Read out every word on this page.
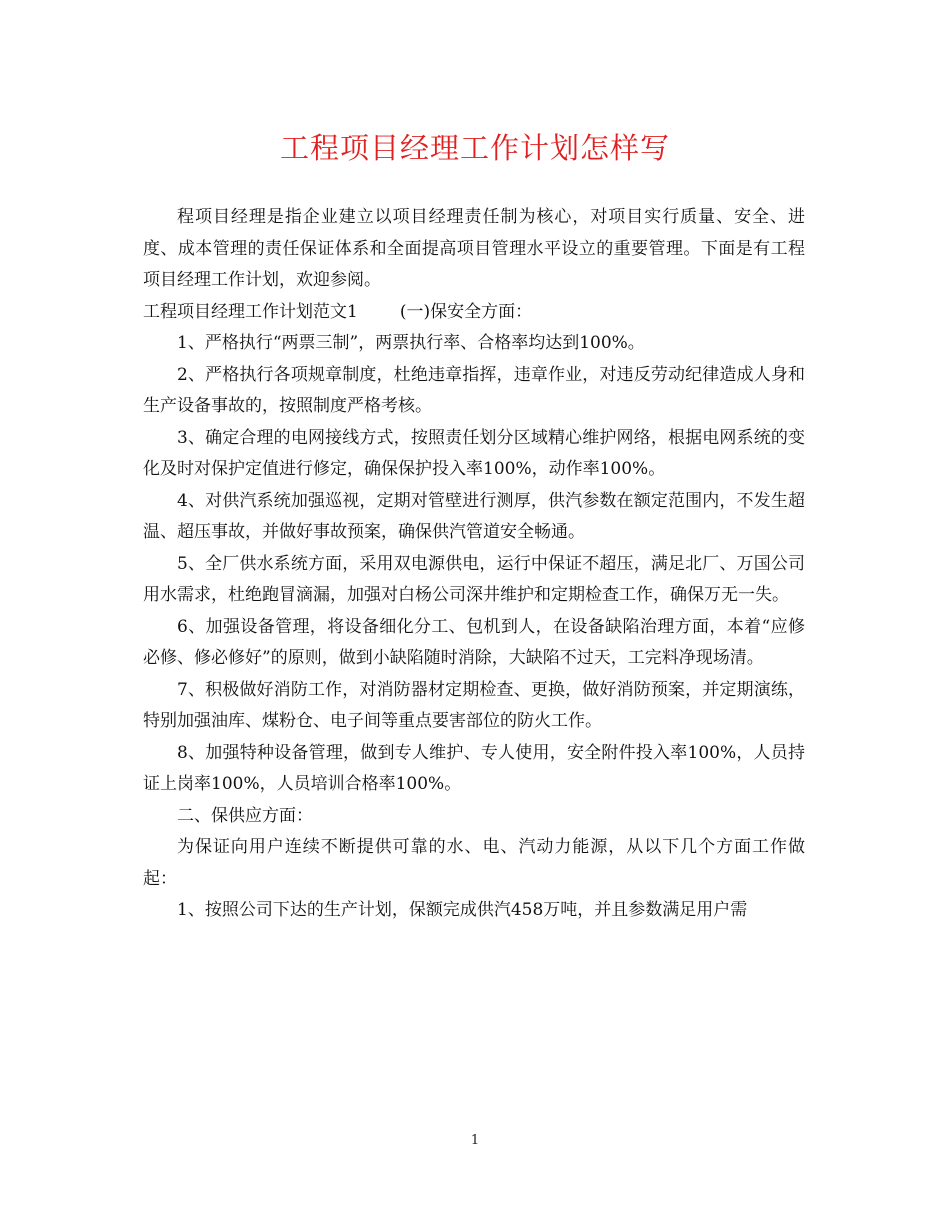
工程项目经理工作计划怎样写

程项目经理是指企业建立以项目经理责任制为核心，对项目实行质量、安全、进度、成本管理的责任保证体系和全面提高项目管理水平设立的重要管理。下面是有工程项目经理工作计划，欢迎参阅。

工程项目经理工作计划范文1 (一)保安全方面：

1、严格执行“两票三制”，两票执行率、合格率均达到100%。

2、严格执行各项规章制度，杜绝违章指挥，违章作业，对违反劳动纪律造成人身和生产设备事故的，按照制度严格考核。

3、确定合理的电网接线方式，按照责任划分区域精心维护网络，根据电网系统的变化及时对保护定值进行修定，确保保护投入率100%，动作率100%。

4、对供汽系统加强巡视，定期对管壁进行测厚，供汽参数在额定范围内，不发生超温、超压事故，并做好事故预案，确保供汽管道安全畅通。

5、全厂供水系统方面，采用双电源供电，运行中保证不超压，满足北厂、万国公司用水需求，杜绝跑冒滴漏，加强对白杨公司深井维护和定期检查工作，确保万无一失。

6、加强设备管理，将设备细化分工、包机到人，在设备缺陷治理方面，本着“应修必修、修必修好”的原则，做到小缺陷随时消除，大缺陷不过天，工完料净现场清。

7、积极做好消防工作，对消防器材定期检查、更换，做好消防预案，并定期演练，特别加强油库、煤粉仓、电子间等重点要害部位的防火工作。

8、加强特种设备管理，做到专人维护、专人使用，安全附件投入率100%，人员持证上岗率100%，人员培训合格率100%。

二、保供应方面：

为保证向用户连续不断提供可靠的水、电、汽动力能源，从以下几个方面工作做起：

1、按照公司下达的生产计划，保额完成供汽458万吨，并且参数满足用户需

1
